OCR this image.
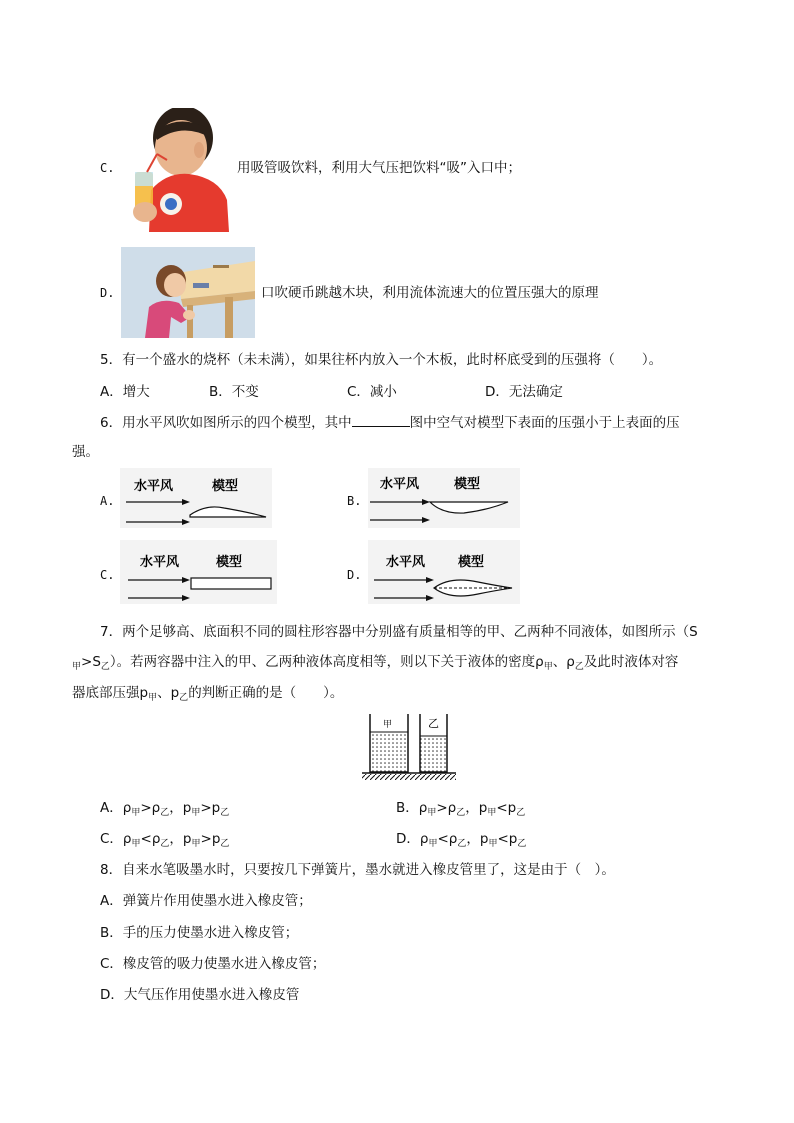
C.	用吸管吸饮料，利用大气压把饮料“吸”入口中；
D.	口吹硬币跳越木块，利用流体流速大的位置压强大的原理
5．有一个盛水的烧杯（未未满），如果往杯内放入一个木板，此时杯底受到的压强将（　　）。
A．增大	B．不变	C．减小	D．无法确定
6．用水平风吹如图所示的四个模型，其中	图中空气对模型下表面的压强小于上表面的压
强。
A.
水平风	模型
B.
水平风	模型
C.
水平风	模型
D.
水平风	模型
7．两个足够高、底面积不同的圆柱形容器中分别盛有质量相等的甲、乙两种不同液体，如图所示（S
$_甲>S_乙$）。若两容器中注入的甲、乙两种液体高度相等，则以下关于液体的密度$\rho_甲$、$\rho_乙$及此时液体对容
器底部压强$p_甲$、$p_乙$的判断正确的是（　　）。
甲	乙
A．$\rho_甲>\rho_乙$，$p_甲>p_乙$	B．$\rho_甲>\rho_乙$，$p_甲<p_乙$
C．$\rho_甲<\rho_乙$，$p_甲>p_乙$	D．$\rho_甲<\rho_乙$，$p_甲<p_乙$
8．自来水笔吸墨水时，只要按几下弹簧片，墨水就进入橡皮管里了，这是由于（　）。
A．弹簧片作用使墨水进入橡皮管；
B．手的压力使墨水进入橡皮管；
C．橡皮管的吸力使墨水进入橡皮管；
D．大气压作用使墨水进入橡皮管
